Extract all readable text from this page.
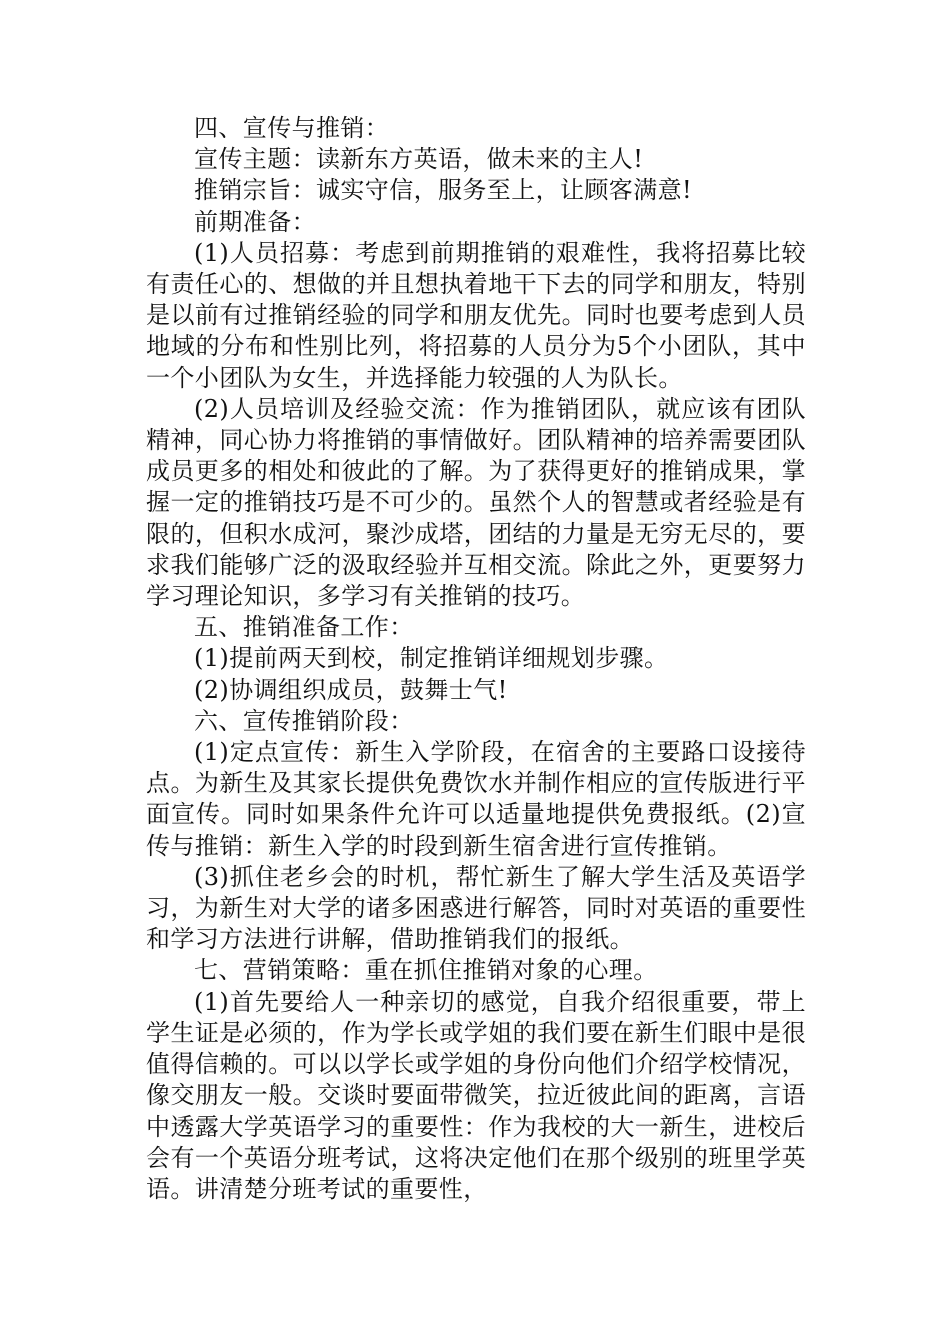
四、宣传与推销：

宣传主题：读新东方英语，做未来的主人!

推销宗旨：诚实守信，服务至上，让顾客满意!

前期准备：

(1)人员招募：考虑到前期推销的艰难性，我将招募比较有责任心的、想做的并且想执着地干下去的同学和朋友，特别是以前有过推销经验的同学和朋友优先。同时也要考虑到人员地域的分布和性别比列，将招募的人员分为5个小团队，其中一个小团队为女生，并选择能力较强的人为队长。

(2)人员培训及经验交流：作为推销团队，就应该有团队精神，同心协力将推销的事情做好。团队精神的培养需要团队成员更多的相处和彼此的了解。为了获得更好的推销成果，掌握一定的推销技巧是不可少的。虽然个人的智慧或者经验是有限的，但积水成河，聚沙成塔，团结的力量是无穷无尽的，要求我们能够广泛的汲取经验并互相交流。除此之外，更要努力学习理论知识，多学习有关推销的技巧。

五、推销准备工作：

(1)提前两天到校，制定推销详细规划步骤。

(2)协调组织成员，鼓舞士气!

六、宣传推销阶段：

(1)定点宣传：新生入学阶段，在宿舍的主要路口设接待点。为新生及其家长提供免费饮水并制作相应的宣传版进行平面宣传。同时如果条件允许可以适量地提供免费报纸。(2)宣传与推销：新生入学的时段到新生宿舍进行宣传推销。

(3)抓住老乡会的时机，帮忙新生了解大学生活及英语学习，为新生对大学的诸多困惑进行解答，同时对英语的重要性和学习方法进行讲解，借助推销我们的报纸。

七、营销策略：重在抓住推销对象的心理。

(1)首先要给人一种亲切的感觉，自我介绍很重要，带上学生证是必须的，作为学长或学姐的我们要在新生们眼中是很值得信赖的。可以以学长或学姐的身份向他们介绍学校情况，像交朋友一般。交谈时要面带微笑，拉近彼此间的距离，言语中透露大学英语学习的重要性：作为我校的大一新生，进校后会有一个英语分班考试，这将决定他们在那个级别的班里学英语。讲清楚分班考试的重要性，
